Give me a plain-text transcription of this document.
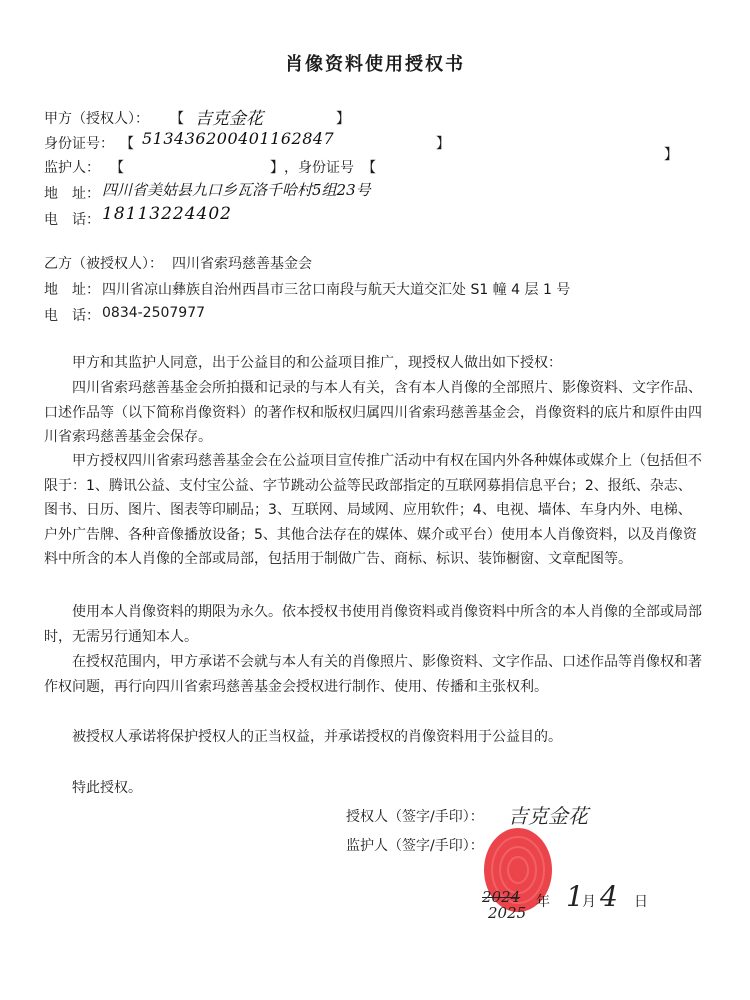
肖像资料使用授权书
甲方（授权人）： 【 吉克金花	】
身份证号： 【 513436200401162847	】
监护人： 【	】 ，身份证号 【
】
地　址： 四川省美姑县九口乡瓦洛千哈村5组23号
电　话： 18113224402
乙方（被授权人）： 四川省索玛慈善基金会
地　址： 四川省凉山彝族自治州西昌市三岔口南段与航天大道交汇处 S1 幢 4 层 1 号
电　话： 0834-2507977

　　甲方和其监护人同意，出于公益目的和公益项目推广，现授权人做出如下授权：

　　四川省索玛慈善基金会所拍摄和记录的与本人有关，含有本人肖像的全部照片、影像资料、文字作品、口述作品等（以下简称肖像资料）的著作权和版权归属四川省索玛慈善基金会，肖像资料的底片和原件由四川省索玛慈善基金会保存。

　　甲方授权四川省索玛慈善基金会在公益项目宣传推广活动中有权在国内外各种媒体或媒介上（包括但不限于：1、腾讯公益、支付宝公益、字节跳动公益等民政部指定的互联网募捐信息平台；2、报纸、杂志、图书、日历、图片、图表等印刷品；3、互联网、局域网、应用软件；4、电视、墙体、车身内外、电梯、户外广告牌、各种音像播放设备；5、其他合法存在的媒体、媒介或平台）使用本人肖像资料，以及肖像资料中所含的本人肖像的全部或局部，包括用于制做广告、商标、标识、装饰橱窗、文章配图等。

　　使用本人肖像资料的期限为永久。依本授权书使用肖像资料或肖像资料中所含的本人肖像的全部或局部时，无需另行通知本人。

　　在授权范围内，甲方承诺不会就与本人有关的肖像照片、影像资料、文字作品、口述作品等肖像权和著作权问题，再行向四川省索玛慈善基金会授权进行制作、使用、传播和主张权利。

　　被授权人承诺将保护授权人的正当权益，并承诺授权的肖像资料用于公益目的。

　　特此授权。

授权人（签字/手印）： 吉克金花
监护人（签字/手印）：
2024
2025
年 1
月 4 日
